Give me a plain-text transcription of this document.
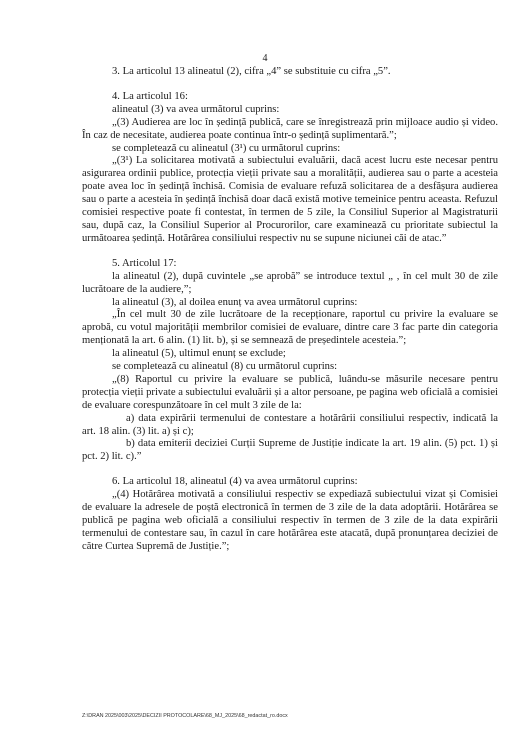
4

3. La articolul 13 alineatul (2), cifra „4” se substituie cu cifra „5”.

4. La articolul 16:

alineatul (3) va avea următorul cuprins:

„(3) Audierea are loc în ședință publică, care se înregistrează prin mijloace audio și video. În caz de necesitate, audierea poate continua într-o ședință suplimentară.”;

se completează cu alineatul (3¹) cu următorul cuprins:

„(3¹) La solicitarea motivată a subiectului evaluării, dacă acest lucru este necesar pentru asigurarea ordinii publice, protecția vieții private sau a moralității, audierea sau o parte a acesteia poate avea loc în ședință închisă. Comisia de evaluare refuză solicitarea de a desfășura audierea sau o parte a acesteia în ședință închisă doar dacă există motive temeinice pentru aceasta. Refuzul comisiei respective poate fi contestat, în termen de 5 zile, la Consiliul Superior al Magistraturii sau, după caz, la Consiliul Superior al Procurorilor, care examinează cu prioritate subiectul la următoarea ședință. Hotărârea consiliului respectiv nu se supune niciunei căi de atac.”

5. Articolul 17:

la alineatul (2), după cuvintele „se aprobă” se introduce textul „ , în cel mult 30 de zile lucrătoare de la audiere,”;

la alineatul (3), al doilea enunț va avea următorul cuprins:

„În cel mult 30 de zile lucrătoare de la recepționare, raportul cu privire la evaluare se aprobă, cu votul majorității membrilor comisiei de evaluare, dintre care 3 fac parte din categoria menționată la art. 6 alin. (1) lit. b), și se semnează de președintele acesteia.”;

la alineatul (5), ultimul enunț se exclude;

se completează cu alineatul (8) cu următorul cuprins:

„(8) Raportul cu privire la evaluare se publică, luându-se măsurile necesare pentru protecția vieții private a subiectului evaluării și a altor persoane, pe pagina web oficială a comisiei de evaluare corespunzătoare în cel mult 3 zile de la:

a) data expirării termenului de contestare a hotărârii consiliului respectiv, indicată la art. 18 alin. (3) lit. a) și c);

b) data emiterii deciziei Curții Supreme de Justiție indicate la art. 19 alin. (5) pct. 1) și pct. 2) lit. c).”

6. La articolul 18, alineatul (4) va avea următorul cuprins:

„(4) Hotărârea motivată a consiliului respectiv se expediază subiectului vizat și Comisiei de evaluare la adresele de poștă electronică în termen de 3 zile de la data adoptării. Hotărârea se publică pe pagina web oficială a consiliului respectiv în termen de 3 zile de la data expirării termenului de contestare sau, în cazul în care hotărârea este atacată, după pronunțarea deciziei de către Curtea Supremă de Justiție.”;

Z:\DRAN 2025\003\2025\DECIZII PROTOCOLARE\68_MJ_2025\68_redactat_ro.docx
